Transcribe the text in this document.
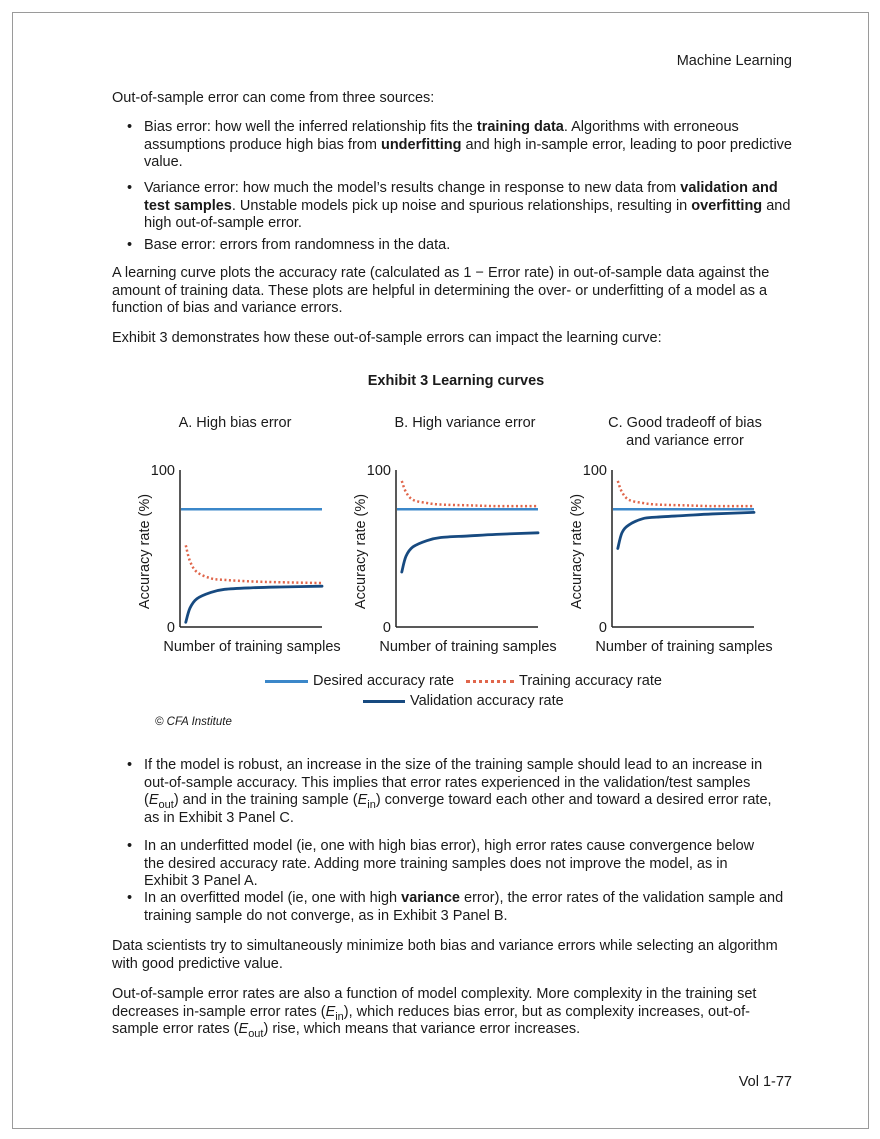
Machine Learning
Out-of-sample error can come from three sources:
• Bias error: how well the inferred relationship fits the training data. Algorithms with erroneous assumptions produce high bias from underfitting and high in-sample error, leading to poor predictive value.
• Variance error: how much the model’s results change in response to new data from validation and test samples. Unstable models pick up noise and spurious relationships, resulting in overfitting and high out-of-sample error.
• Base error: errors from randomness in the data.
A learning curve plots the accuracy rate (calculated as 1 − Error rate) in out-of-sample data against the amount of training data. These plots are helpful in determining the over- or underfitting of a model as a function of bias and variance errors.
Exhibit 3 demonstrates how these out-of-sample errors can impact the learning curve:
Exhibit 3 Learning curves
A. High bias error	B. High variance error	C. Good tradeoff of bias and variance error
100
0
Accuracy rate (%)
Number of training samples
100
0
Accuracy rate (%)
Number of training samples
100
0
Accuracy rate (%)
Number of training samples
Desired accuracy rate	Training accuracy rate
Validation accuracy rate
© CFA Institute
• If the model is robust, an increase in the size of the training sample should lead to an increase in out-of-sample accuracy. This implies that error rates experienced in the validation/test samples $(E_{out})$ and in the training sample $(E_{in})$ converge toward each other and toward a desired error rate, as in Exhibit 3 Panel C.
• In an underfitted model (ie, one with high bias error), high error rates cause convergence below the desired accuracy rate. Adding more training samples does not improve the model, as in Exhibit 3 Panel A.
• In an overfitted model (ie, one with high variance error), the error rates of the validation sample and training sample do not converge, as in Exhibit 3 Panel B.
Data scientists try to simultaneously minimize both bias and variance errors while selecting an algorithm with good predictive value.
Out-of-sample error rates are also a function of model complexity. More complexity in the training set decreases in-sample error rates $(E_{in})$, which reduces bias error, but as complexity increases, out-of-sample error rates $(E_{out})$ rise, which means that variance error increases.
Vol 1-77
